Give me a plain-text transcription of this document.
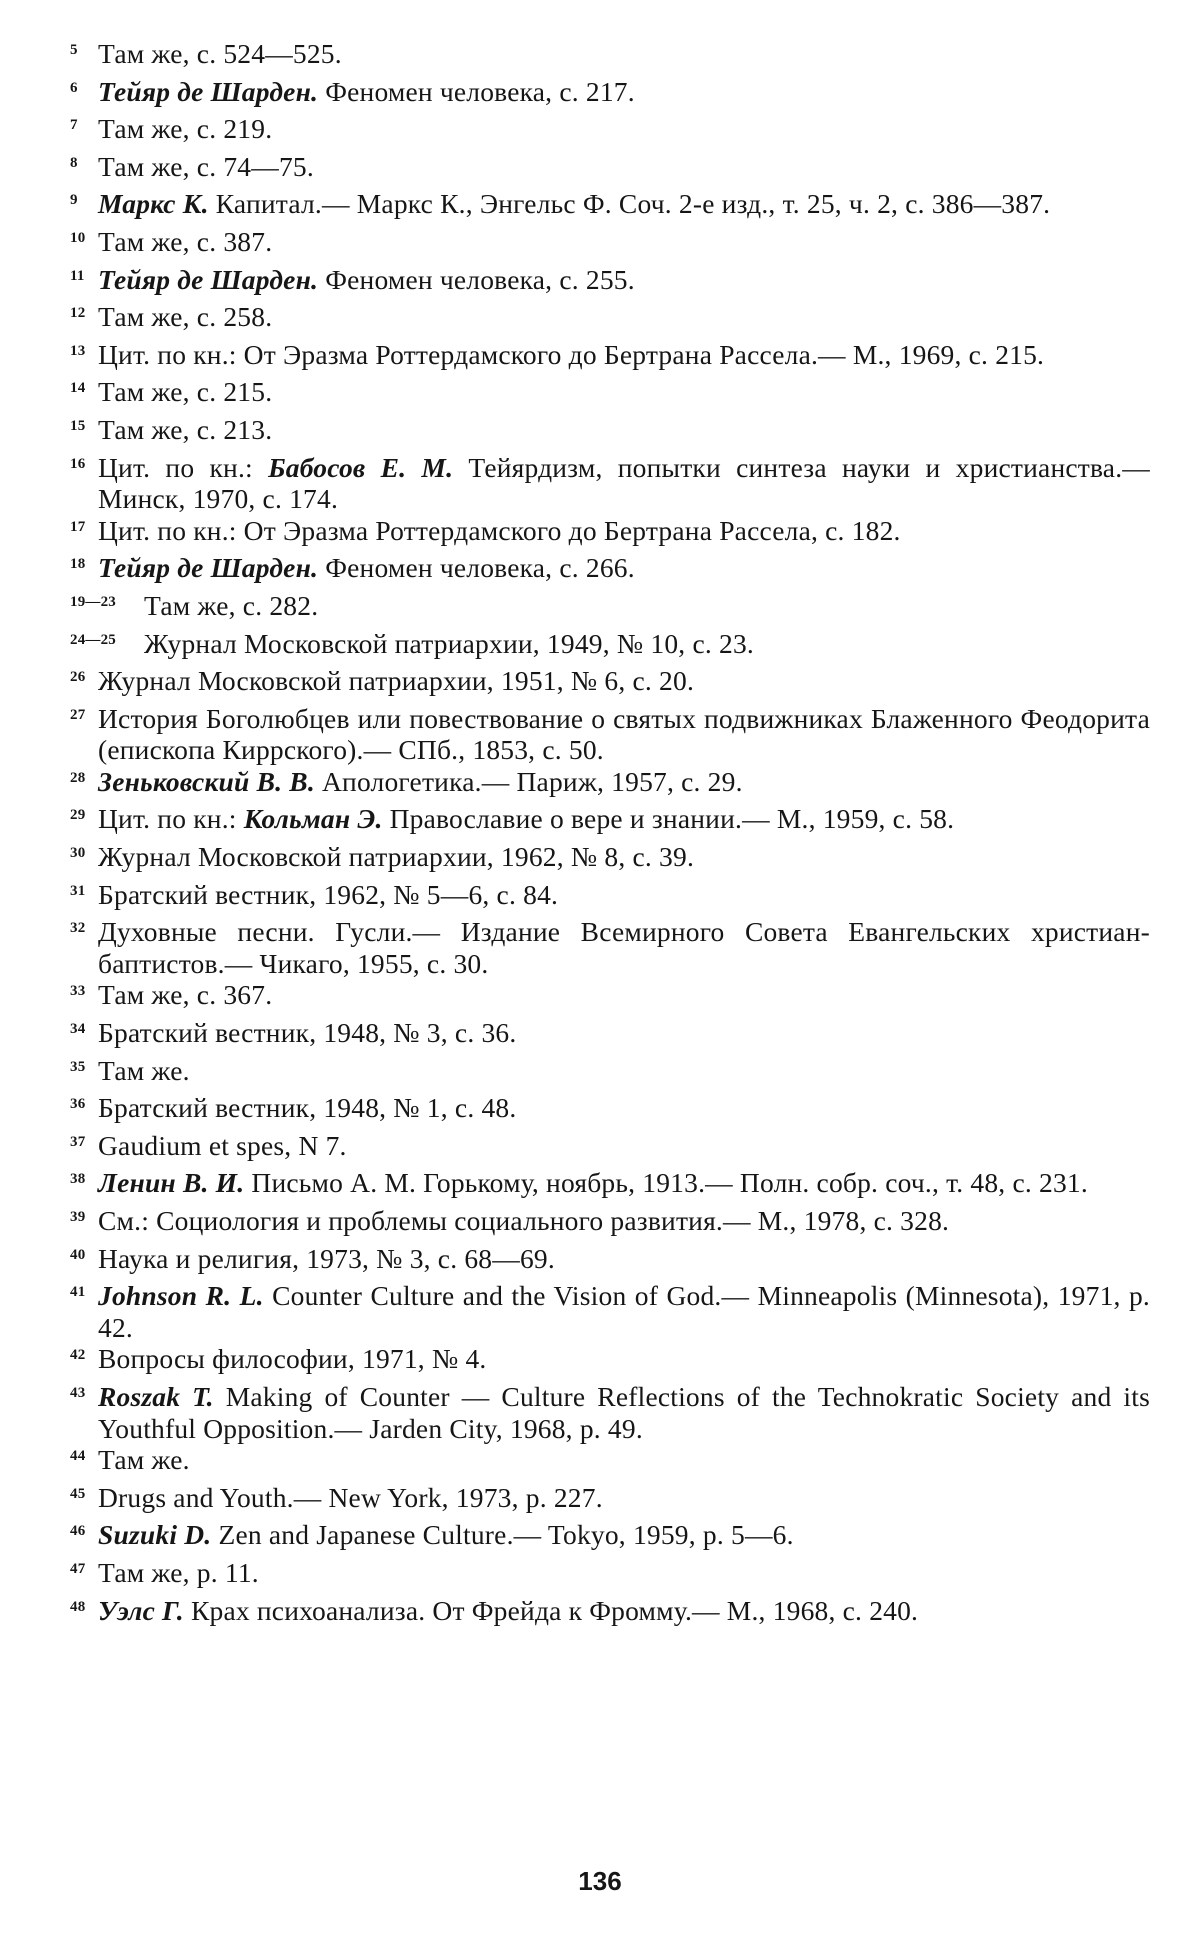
5 Там же, с. 524—525.
6 Тейяр де Шарден. Феномен человека, с. 217.
7 Там же, с. 219.
8 Там же, с. 74—75.
9 Маркс К. Капитал.— Маркс К., Энгельс Ф. Соч. 2-е изд., т. 25, ч. 2, с. 386—387.
10 Там же, с. 387.
11 Тейяр де Шарден. Феномен человека, с. 255.
12 Там же, с. 258.
13 Цит. по кн.: От Эразма Роттердамского до Бертрана Рассела.— М., 1969, с. 215.
14 Там же, с. 215.
15 Там же, с. 213.
16 Цит. по кн.: Бабосов Е. М. Тейярдизм, попытки синтеза науки и христианства.— Минск, 1970, с. 174.
17 Цит. по кн.: От Эразма Роттердамского до Бертрана Рассела, с. 182.
18 Тейяр де Шарден. Феномен человека, с. 266.
19—23	Там же, с. 282.
24—25	Журнал Московской патриархии, 1949, № 10, с. 23.
26 Журнал Московской патриархии, 1951, № 6, с. 20.
27 История Боголюбцев или повествование о святых подвижниках Блаженного Феодорита (епископа Киррского).— СПб., 1853, с. 50.
28 Зеньковский В. В. Апологетика.— Париж, 1957, с. 29.
29 Цит. по кн.: Кольман Э. Православие о вере и знании.— М., 1959, с. 58.
30 Журнал Московской патриархии, 1962, № 8, с. 39.
31 Братский вестник, 1962, № 5—6, с. 84.
32 Духовные песни. Гусли.— Издание Всемирного Совета Евангельских христиан-баптистов.— Чикаго, 1955, с. 30.
33 Там же, с. 367.
34 Братский вестник, 1948, № 3, с. 36.
35 Там же.
36 Братский вестник, 1948, № 1, с. 48.
37 Gaudium et spes, N 7.
38 Ленин В. И. Письмо А. М. Горькому, ноябрь, 1913.— Полн. собр. соч., т. 48, с. 231.
39 См.: Социология и проблемы социального развития.— М., 1978, с. 328.
40 Наука и религия, 1973, № 3, с. 68—69.
41 Johnson R. L. Counter Culture and the Vision of God.— Minneapolis (Minnesota), 1971, p. 42.
42 Вопросы философии, 1971, № 4.
43 Roszak T. Making of Counter — Culture Reflections of the Technokratic Society and its Youthful Opposition.— Jarden City, 1968, p. 49.
44 Там же.
45 Drugs and Youth.— New York, 1973, p. 227.
46 Suzuki D. Zen and Japanese Culture.— Tokyo, 1959, p. 5—6.
47 Там же, p. 11.
48 Уэлс Г. Крах психоанализа. От Фрейда к Фромму.— М., 1968, с. 240.
136
